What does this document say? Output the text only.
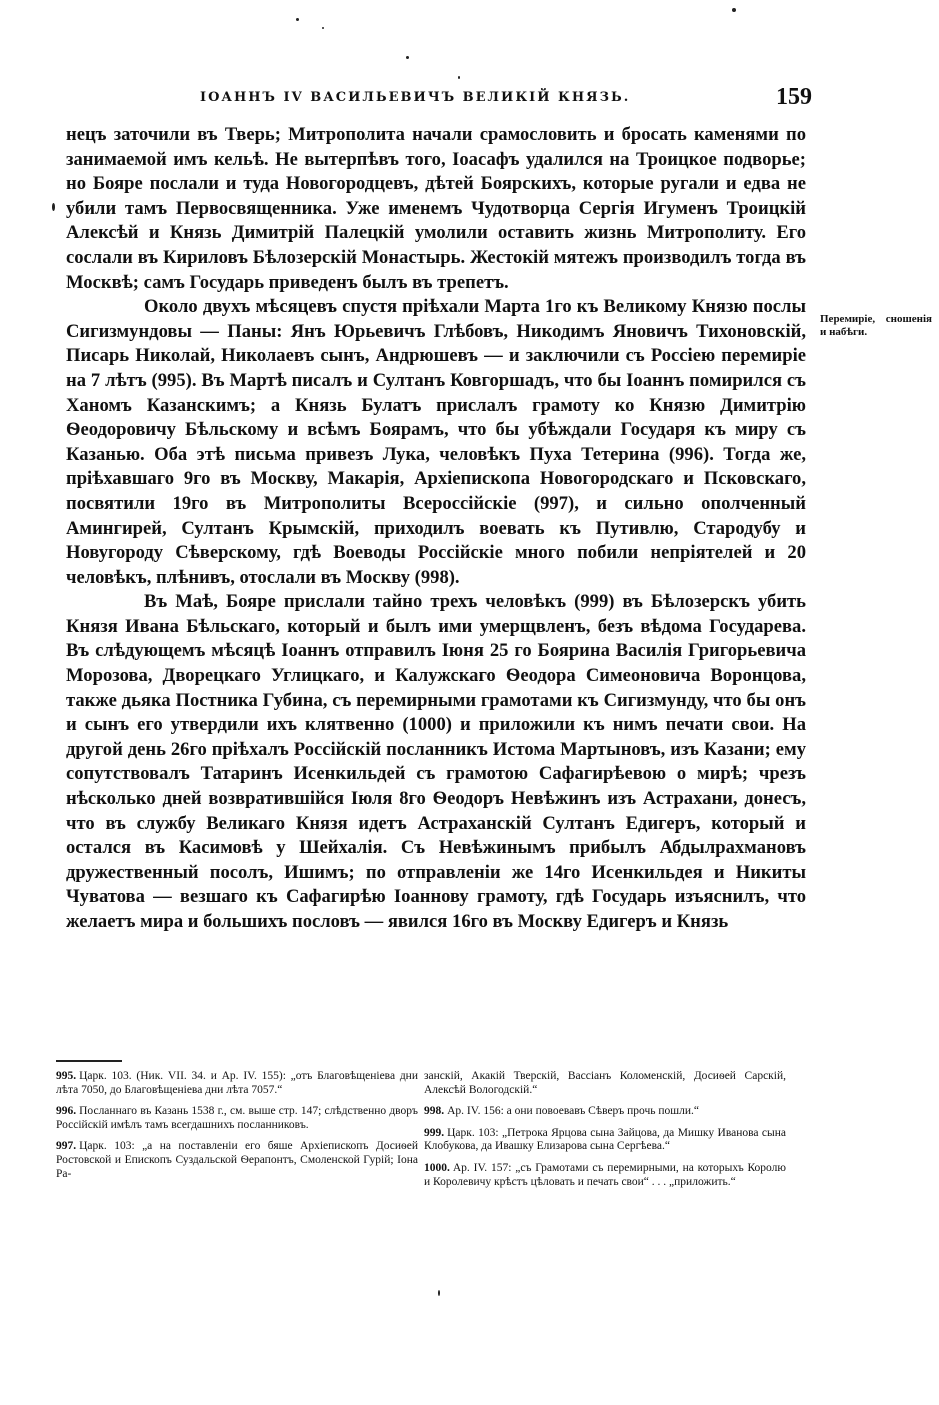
ІОАННЪ IV ВАСИЛЬЕВИЧЪ ВЕЛИКІЙ КНЯЗЬ.	159

нецъ заточили въ Тверь; Митрополита начали срамословить и бросать каменями по занимаемой имъ кельѣ. Не вытерпѣвъ того, Іоасафъ удалился на Троицкое подворье; но Бояре послали и туда Новогородцевъ, дѣтей Боярскихъ, которые ругали и едва не убили тамъ Первосвященника. Уже именемъ Чудотворца Сергія Игуменъ Троицкій Алексѣй и Князь Димитрій Палецкій умолили оставить жизнь Митрополиту. Его сослали въ Кириловъ Бѣлозерскій Монастырь. Жестокій мятежъ производилъ тогда въ Москвѣ; самъ Государь приведенъ былъ въ трепетъ.

Около двухъ мѣсяцевъ спустя пріѣхали Марта 1го къ Великому Князю послы Сигизмундовы — Паны: Янъ Юрьевичъ Глѣбовъ, Никодимъ Яновичъ Тихоновскій, Писарь Николай, Николаевъ сынъ, Андрюшевъ — и заключили съ Россіею перемиріе на 7 лѣтъ (995). Въ Мартѣ писалъ и Султанъ Ковгоршадъ, что бы Іоаннъ помирился съ Ханомъ Казанскимъ; а Князь Булатъ прислалъ грамоту ко Князю Димитрію Ѳеодоровичу Бѣльскому и всѣмъ Боярамъ, что бы убѣждали Государя къ миру съ Казанью. Оба этѣ письма привезъ Лука, человѣкъ Пуха Тетерина (996). Тогда же, пріѣхавшаго 9го въ Москву, Макарія, Архіепископа Новогородскаго и Псковскаго, посвятили 19го въ Митрополиты Всероссійскіе (997), и сильно ополченный Амингирей, Султанъ Крымскій, приходилъ воевать къ Путивлю, Стародубу и Новугороду Сѣверскому, гдѣ Воеводы Россійскіе много побили непріятелей и 20 человѣкъ, плѣнивъ, отослали въ Москву (998).

Въ Маѣ, Бояре прислали тайно трехъ человѣкъ (999) въ Бѣлозерскъ убить Князя Ивана Бѣльскаго, который и былъ ими умерщвленъ, безъ вѣдома Государева. Въ слѣдующемъ мѣсяцѣ Іоаннъ отправилъ Іюня 25 го Боярина Василія Григорьевича Морозова, Дворецкаго Углицкаго, и Калужскаго Ѳеодора Симеоновича Воронцова, также дьяка Постника Губина, съ перемирными грамотами къ Сигизмунду, что бы онъ и сынъ его утвердили ихъ клятвенно (1000) и приложили къ нимъ печати свои. На другой день 26го пріѣхалъ Россійскій посланникъ Истома Мартыновъ, изъ Казани; ему сопутствовалъ Татаринъ Исенкильдей съ грамотою Сафагирѣевою о мирѣ; чрезъ нѣсколько дней возвратившійся Іюля 8го Ѳеодоръ Невѣжинъ изъ Астрахани, донесъ, что въ службу Великаго Князя идетъ Астраханскій Султанъ Едигеръ, который и остался въ Касимовѣ у Шейхалія. Съ Невѣжинымъ прибылъ Абдылрахмановъ дружественный посолъ, Ишимъ; по отправленіи же 14го Исенкильдея и Никиты Чуватова — везшаго къ Сафагирѣю Іоаннову грамоту, гдѣ Государь изъяснилъ, что желаетъ мира и большихъ пословъ — явился 16го въ Москву Едигеръ и Князь

Перемиріе, сношенія и набѣги.

995. Царк. 103. (Ник. VII. 34. и Ар. IV. 155): „отъ Благовѣщеніева дни лѣта 7050, до Благовѣщеніева дни лѣта 7057.“

996. Посланнаго въ Казань 1538 г., см. выше стр. 147; слѣдственно дворъ Россійскій имѣлъ тамъ всегдашнихъ посланниковъ.

997. Царк. 103: „а на поставленіи его бяше Архіепископъ Досиѳей Ростовской и Епископъ Суздальской Ѳерапонтъ, Смоленской Гурій; Іона Ра-

занскій, Акакій Тверскій, Вассіанъ Коломенскій, Досиѳей Сарскій, Алексѣй Вологодскій.“

998. Ар. IV. 156: а они повоевавъ Сѣверъ прочь пошли.“

999. Царк. 103: „Петрока Ярцова сына Зайцова, да Мишку Иванова сына Клобукова, да Ивашку Елизарова сына Сергѣева.“

1000. Ар. IV. 157: „съ Грамотами съ перемирными, на которыхъ Королю и Королевичу крѣстъ цѣловать и печать свои“ . . . „приложить.“
